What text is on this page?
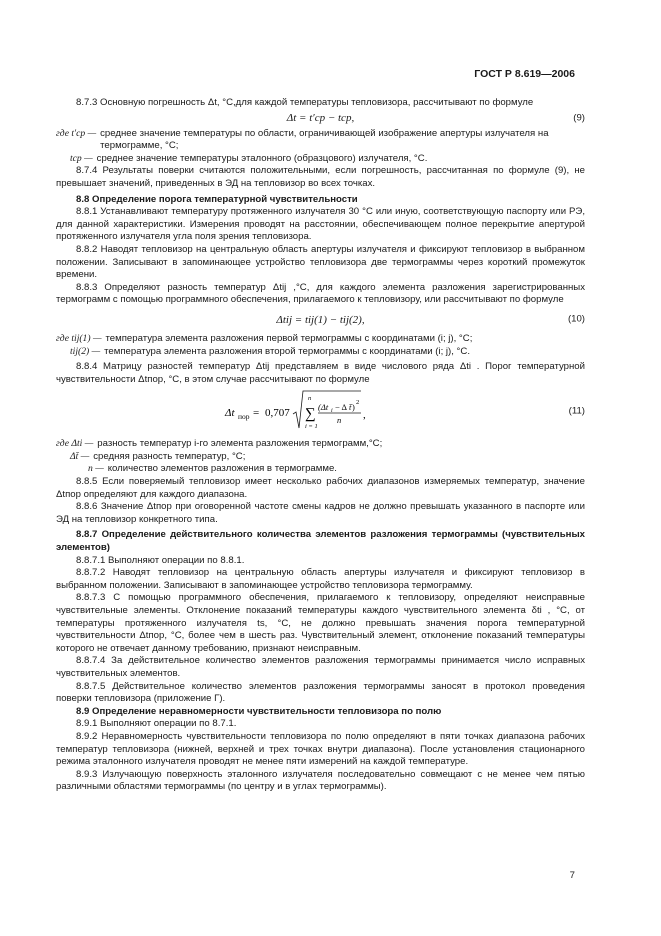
ГОСТ Р 8.619—2006

8.7.3 Основную погрешность Δt, °С,для каждой температуры тепловизора, рассчитывают по формуле

Δt = t′ср − tср,	(9)
где t′ср — среднее значение температуры по области, ограничивающей изображение апертуры излучателя на термограмме, °С;
tср — среднее значение температуры эталонного (образцового) излучателя, °С.

8.7.4 Результаты поверки считаются положительными, если погрешность, рассчитанная по формуле (9), не превышает значений, приведенных в ЭД на тепловизор во всех точках.

8.8 Определение порога температурной чувствительности

8.8.1 Устанавливают температуру протяженного излучателя 30 °С или иную, соответствующую паспорту или РЭ, для данной характеристики. Измерения проводят на расстоянии, обеспечивающем полное перекрытие апертурой протяженного излучателя угла поля зрения тепловизора.

8.8.2 Наводят тепловизор на центральную область апертуры излучателя и фиксируют тепловизор в выбранном положении. Записывают в запоминающее устройство тепловизора две термограммы через короткий промежуток времени.

8.8.3 Определяют разность температур Δtij ,°С, для каждого элемента разложения зарегистрированных термограмм с помощью программного обеспечения, прилагаемого к тепловизору, или рассчитывают по формуле

Δtij = tij(1) − tij(2),	(10)
где tij(1) — температура элемента разложения первой термограммы с координатами (i; j), °С;
tij(2) — температура элемента разложения второй термограммы с координатами (i; j), °С.

8.8.4 Матрицу разностей температур Δtij представляем в виде числового ряда Δti . Порог температурной чувствительности Δtпор, °С, в этом случае рассчитывают по формуле

Δt пор = 0,707
n
∑
i = 1
(Δt i − Δ t̄ ) 2
n ,	(11)
где Δti — разность температур i-го элемента разложения термограмм,°С;
Δt̄ — средняя разность температур, °С;
n — количество элементов разложения в термограмме.

8.8.5 Если поверяемый тепловизор имеет несколько рабочих диапазонов измеряемых температур, значение Δtпор определяют для каждого диапазона.

8.8.6 Значение Δtпор при оговоренной частоте смены кадров не должно превышать указанного в паспорте или ЭД на тепловизор конкретного типа.

8.8.7 Определение действительного количества элементов разложения термограммы (чувствительных элементов)

8.8.7.1 Выполняют операции по 8.8.1.

8.8.7.2 Наводят тепловизор на центральную область апертуры излучателя и фиксируют тепловизор в выбранном положении. Записывают в запоминающее устройство тепловизора термограмму.

8.8.7.3 С помощью программного обеспечения, прилагаемого к тепловизору, определяют неисправные чувствительные элементы. Отклонение показаний температуры каждого чувствительного элемента δti , °С, от температуры протяженного излучателя ts, °С, не должно превышать значения порога температурной чувствительности Δtпор, °С, более чем в шесть раз. Чувствительный элемент, отклонение показаний температуры которого не отвечает данному требованию, признают неисправным.

8.8.7.4 За действительное количество элементов разложения термограммы принимается число исправных чувствительных элементов.

8.8.7.5 Действительное количество элементов разложения термограммы заносят в протокол проведения поверки тепловизора (приложение Г).

8.9 Определение неравномерности чувствительности тепловизора по полю

8.9.1 Выполняют операции по 8.7.1.

8.9.2 Неравномерность чувствительности тепловизора по полю определяют в пяти точках диапазона рабочих температур тепловизора (нижней, верхней и трех точках внутри диапазона). После установления стационарного режима эталонного излучателя проводят не менее пяти измерений на каждой температуре.

8.9.3 Излучающую поверхность эталонного излучателя последовательно совмещают с не менее чем пятью различными областями термограммы (по центру и в углах термограммы).

7
